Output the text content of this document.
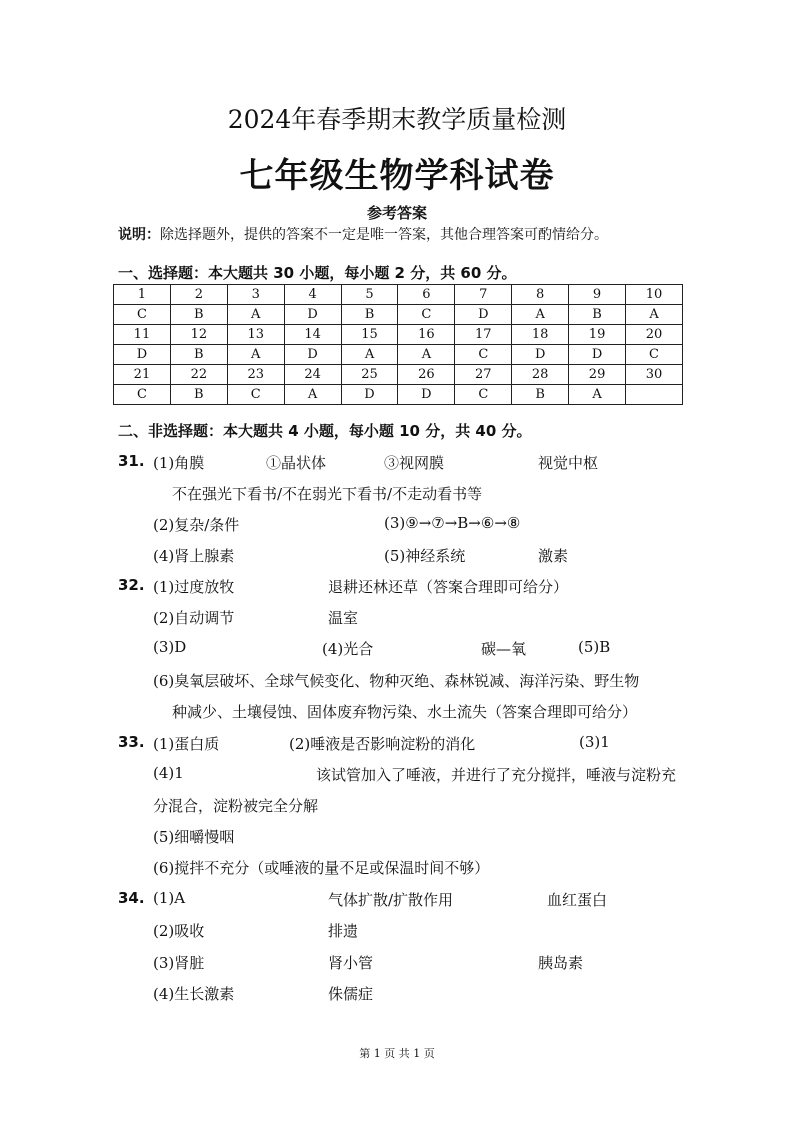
2024年春季期末教学质量检测
七年级生物学科试卷
参考答案
说明：除选择题外，提供的答案不一定是唯一答案，其他合理答案可酌情给分。
一、选择题：本大题共 30 小题，每小题 2 分，共 60 分。
1	2	3	4	5	6	7	8	9	10
C	B	A	D	B	C	D	A	B	A
11	12	13	14	15	16	17	18	19	20
D	B	A	D	A	A	C	D	D	C
21	22	23	24	25	26	27	28	29	30
C	B	C	A	D	D	C	B	A	
二、非选择题：本大题共 4 小题，每小题 10 分，共 40 分。
31. (1)角膜	①晶状体	③视网膜	视觉中枢
不在强光下看书/不在弱光下看书/不走动看书等
(2)复杂/条件	(3)⑨→⑦→B→⑥→⑧
(4)肾上腺素	(5)神经系统	激素
32. (1)过度放牧	退耕还林还草（答案合理即可给分）
(2)自动调节	温室
(3)D	(4)光合	碳—氧	(5)B
(6)臭氧层破坏、全球气候变化、物种灭绝、森林锐减、海洋污染、野生物
种减少、土壤侵蚀、固体废弃物污染、水土流失（答案合理即可给分）
33. (1)蛋白质	(2)唾液是否影响淀粉的消化	(3)1
(4)1	该试管加入了唾液，并进行了充分搅拌，唾液与淀粉充
分混合，淀粉被完全分解
(5)细嚼慢咽
(6)搅拌不充分（或唾液的量不足或保温时间不够）
34. (1)A	气体扩散/扩散作用	血红蛋白
(2)吸收	排遗
(3)肾脏	肾小管	胰岛素
(4)生长激素	侏儒症
第 1 页 共 1 页
